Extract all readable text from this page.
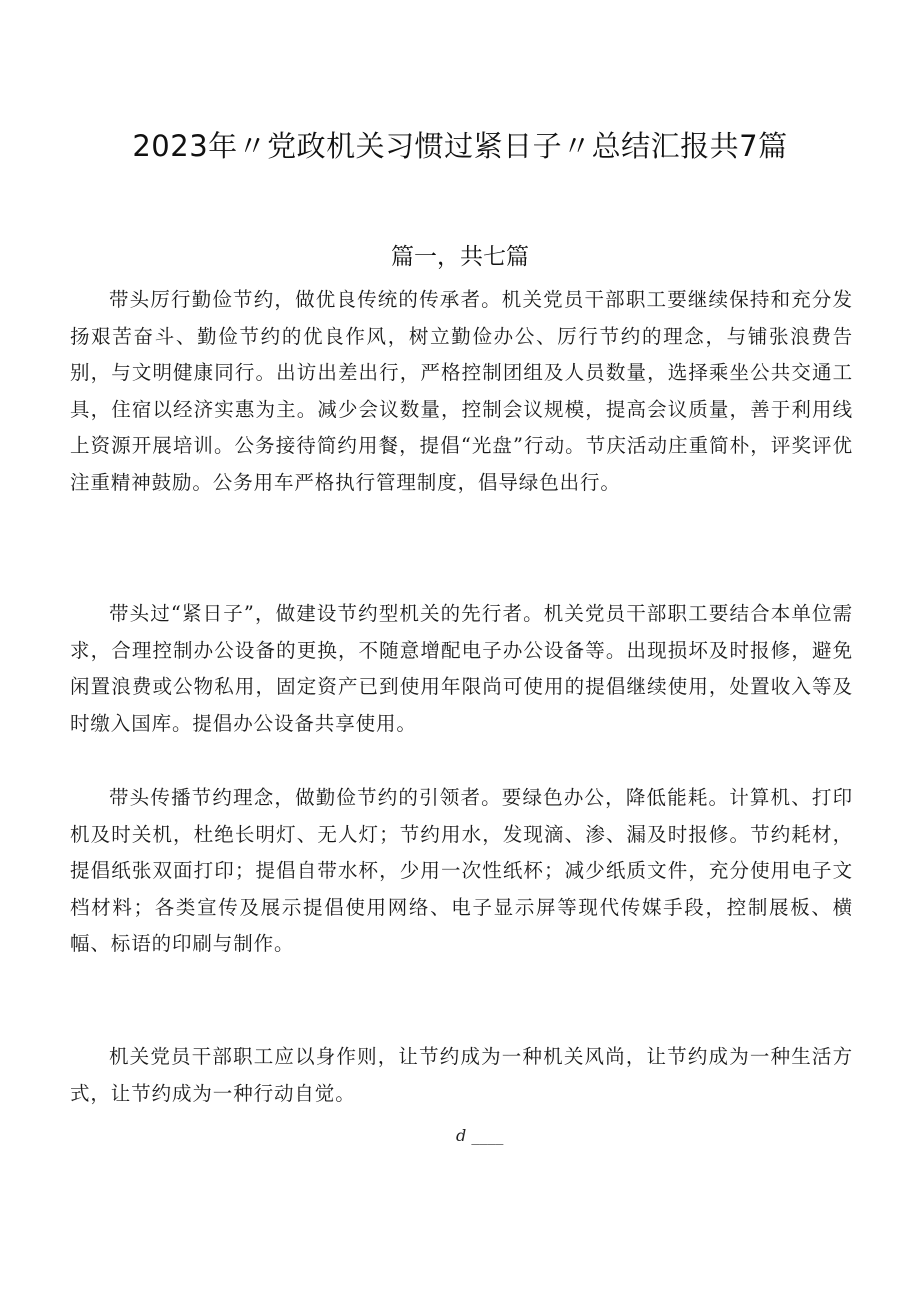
2023年〃党政机关习惯过紧日子〃总结汇报共7篇
篇一，共七篇

带头厉行勤俭节约，做优良传统的传承者。机关党员干部职工要继续保持和充分发扬艰苦奋斗、勤俭节约的优良作风，树立勤俭办公、厉行节约的理念，与铺张浪费告别，与文明健康同行。出访出差出行，严格控制团组及人员数量，选择乘坐公共交通工具，住宿以经济实惠为主。减少会议数量，控制会议规模，提高会议质量，善于利用线上资源开展培训。公务接待简约用餐，提倡“光盘”行动。节庆活动庄重简朴，评奖评优注重精神鼓励。公务用车严格执行管理制度，倡导绿色出行。

带头过“紧日子”，做建设节约型机关的先行者。机关党员干部职工要结合本单位需求，合理控制办公设备的更换，不随意增配电子办公设备等。出现损坏及时报修，避免闲置浪费或公物私用，固定资产已到使用年限尚可使用的提倡继续使用，处置收入等及时缴入国库。提倡办公设备共享使用。

带头传播节约理念，做勤俭节约的引领者。要绿色办公，降低能耗。计算机、打印机及时关机，杜绝长明灯、无人灯；节约用水，发现滴、渗、漏及时报修。节约耗材，提倡纸张双面打印；提倡自带水杯，少用一次性纸杯；减少纸质文件，充分使用电子文档材料；各类宣传及展示提倡使用网络、电子显示屏等现代传媒手段，控制展板、横幅、标语的印刷与制作。

机关党员干部职工应以身作则，让节约成为一种机关风尚，让节约成为一种生活方式，让节约成为一种行动自觉。

d ____
